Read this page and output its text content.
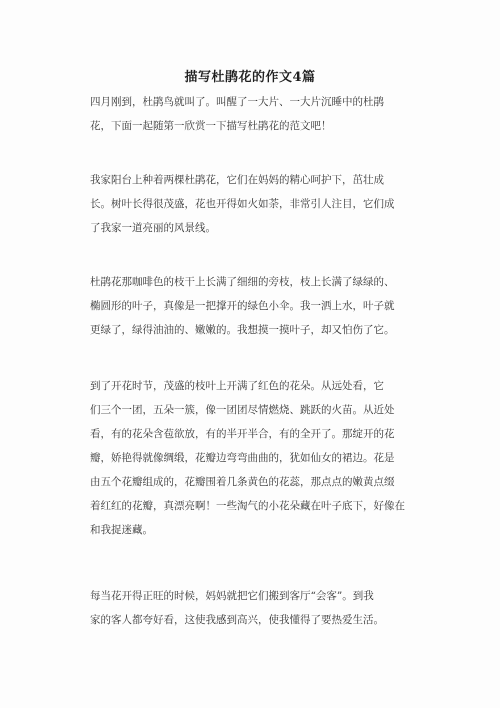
描写杜鹃花的作文4篇
四月刚到，杜鹃鸟就叫了。叫醒了一大片、一大片沉睡中的杜鹃
花，下面一起随第一欣赏一下描写杜鹃花的范文吧！
我家阳台上种着两棵杜鹃花，它们在妈妈的精心呵护下，茁壮成
长。树叶长得很茂盛，花也开得如火如荼，非常引人注目，它们成
了我家一道亮丽的风景线。
杜鹃花那咖啡色的枝干上长满了细细的旁枝，枝上长满了绿绿的、
椭圆形的叶子，真像是一把撑开的绿色小伞。我一洒上水，叶子就
更绿了，绿得油油的、嫩嫩的。我想摸一摸叶子，却又怕伤了它。
到了开花时节，茂盛的枝叶上开满了红色的花朵。从远处看，它
们三个一团，五朵一簇，像一团团尽情燃烧、跳跃的火苗。从近处
看，有的花朵含苞欲放，有的半开半合，有的全开了。那绽开的花
瓣，娇艳得就像绸缎，花瓣边弯弯曲曲的，犹如仙女的裙边。花是
由五个花瓣组成的，花瓣围着几条黄色的花蕊，那点点的嫩黄点缀
着红红的花瓣，真漂亮啊！一些淘气的小花朵藏在叶子底下，好像在
和我捉迷藏。
每当花开得正旺的时候，妈妈就把它们搬到客厅“会客”。到我
家的客人都夸好看，这使我感到高兴，使我懂得了要热爱生活。
